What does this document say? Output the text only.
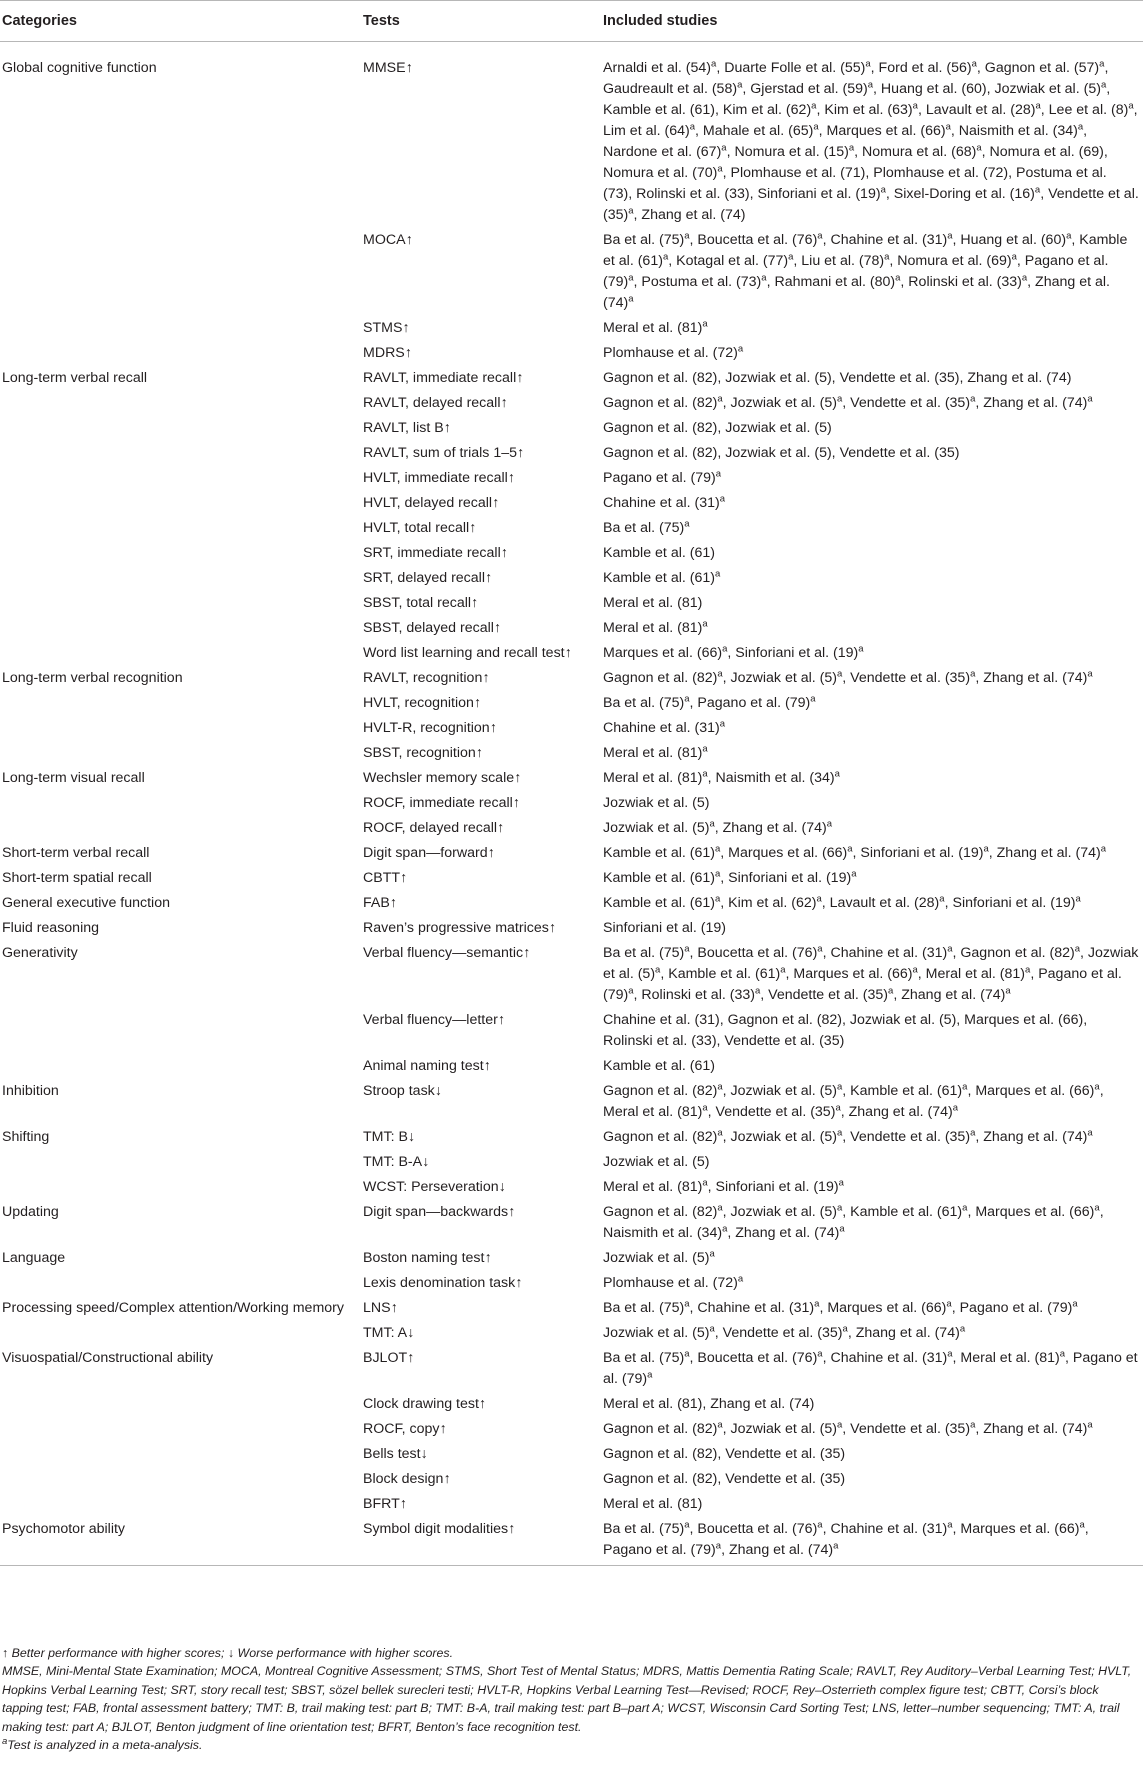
Categories	Tests	Included studies
Global cognitive function	MMSE↑	Arnaldi et al. $(54)^a$, Duarte Folle et al. $(55)^a$, Ford et al. $(56)^a$, Gagnon et al. $(57)^a$, Gaudreault et al. $(58)^a$, Gjerstad et al. $(59)^a$, Huang et al. (60), Jozwiak et al. $(5)^a$, Kamble et al. (61), Kim et al. $(62)^a$, Kim et al. $(63)^a$, Lavault et al. $(28)^a$, Lee et al. $(8)^a$, Lim et al. $(64)^a$, Mahale et al. $(65)^a$, Marques et al. $(66)^a$, Naismith et al. $(34)^a$, Nardone et al. $(67)^a$, Nomura et al. $(15)^a$, Nomura et al. $(68)^a$, Nomura et al. (69), Nomura et al. $(70)^a$, Plomhause et al. (71), Plomhause et al. (72), Postuma et al. (73), Rolinski et al. (33), Sinforiani et al. $(19)^a$, Sixel-Doring et al. $(16)^a$, Vendette et al. $(35)^a$, Zhang et al. (74)
	MOCA↑	Ba et al. $(75)^a$, Boucetta et al. $(76)^a$, Chahine et al. $(31)^a$, Huang et al. $(60)^a$, Kamble et al. $(61)^a$, Kotagal et al. $(77)^a$, Liu et al. $(78)^a$, Nomura et al. $(69)^a$, Pagano et al. $(79)^a$, Postuma et al. $(73)^a$, Rahmani et al. $(80)^a$, Rolinski et al. $(33)^a$, Zhang et al. $(74)^a$
	STMS↑	Meral et al. $(81)^a$
	MDRS↑	Plomhause et al. $(72)^a$
Long-term verbal recall	RAVLT, immediate recall↑	Gagnon et al. (82), Jozwiak et al. (5), Vendette et al. (35), Zhang et al. (74)
	RAVLT, delayed recall↑	Gagnon et al. $(82)^a$, Jozwiak et al. $(5)^a$, Vendette et al. $(35)^a$, Zhang et al. $(74)^a$
	RAVLT, list B↑	Gagnon et al. (82), Jozwiak et al. (5)
	RAVLT, sum of trials 1–5↑	Gagnon et al. (82), Jozwiak et al. (5), Vendette et al. (35)
	HVLT, immediate recall↑	Pagano et al. $(79)^a$
	HVLT, delayed recall↑	Chahine et al. $(31)^a$
	HVLT, total recall↑	Ba et al. $(75)^a$
	SRT, immediate recall↑	Kamble et al. (61)
	SRT, delayed recall↑	Kamble et al. $(61)^a$
	SBST, total recall↑	Meral et al. (81)
	SBST, delayed recall↑	Meral et al. $(81)^a$
	Word list learning and recall test↑	Marques et al. $(66)^a$, Sinforiani et al. $(19)^a$
Long-term verbal recognition	RAVLT, recognition↑	Gagnon et al. $(82)^a$, Jozwiak et al. $(5)^a$, Vendette et al. $(35)^a$, Zhang et al. $(74)^a$
	HVLT, recognition↑	Ba et al. $(75)^a$, Pagano et al. $(79)^a$
	HVLT-R, recognition↑	Chahine et al. $(31)^a$
	SBST, recognition↑	Meral et al. $(81)^a$
Long-term visual recall	Wechsler memory scale↑	Meral et al. $(81)^a$, Naismith et al. $(34)^a$
	ROCF, immediate recall↑	Jozwiak et al. (5)
	ROCF, delayed recall↑	Jozwiak et al. $(5)^a$, Zhang et al. $(74)^a$
Short-term verbal recall	Digit span—forward↑	Kamble et al. $(61)^a$, Marques et al. $(66)^a$, Sinforiani et al. $(19)^a$, Zhang et al. $(74)^a$
Short-term spatial recall	CBTT↑	Kamble et al. $(61)^a$, Sinforiani et al. $(19)^a$
General executive function	FAB↑	Kamble et al. $(61)^a$, Kim et al. $(62)^a$, Lavault et al. $(28)^a$, Sinforiani et al. $(19)^a$
Fluid reasoning	Raven’s progressive matrices↑	Sinforiani et al. (19)
Generativity	Verbal fluency—semantic↑	Ba et al. $(75)^a$, Boucetta et al. $(76)^a$, Chahine et al. $(31)^a$, Gagnon et al. $(82)^a$, Jozwiak et al. $(5)^a$, Kamble et al. $(61)^a$, Marques et al. $(66)^a$, Meral et al. $(81)^a$, Pagano et al. $(79)^a$, Rolinski et al. $(33)^a$, Vendette et al. $(35)^a$, Zhang et al. $(74)^a$
	Verbal fluency—letter↑	Chahine et al. (31), Gagnon et al. (82), Jozwiak et al. (5), Marques et al. (66), Rolinski et al. (33), Vendette et al. (35)
	Animal naming test↑	Kamble et al. (61)
Inhibition	Stroop task↓	Gagnon et al. $(82)^a$, Jozwiak et al. $(5)^a$, Kamble et al. $(61)^a$, Marques et al. $(66)^a$, Meral et al. $(81)^a$, Vendette et al. $(35)^a$, Zhang et al. $(74)^a$
Shifting	TMT: B↓	Gagnon et al. $(82)^a$, Jozwiak et al. $(5)^a$, Vendette et al. $(35)^a$, Zhang et al. $(74)^a$
	TMT: B-A↓	Jozwiak et al. (5)
	WCST: Perseveration↓	Meral et al. $(81)^a$, Sinforiani et al. $(19)^a$
Updating	Digit span—backwards↑	Gagnon et al. $(82)^a$, Jozwiak et al. $(5)^a$, Kamble et al. $(61)^a$, Marques et al. $(66)^a$, Naismith et al. $(34)^a$, Zhang et al. $(74)^a$
Language	Boston naming test↑	Jozwiak et al. $(5)^a$
	Lexis denomination task↑	Plomhause et al. $(72)^a$
Processing speed/Complex attention/Working memory	LNS↑	Ba et al. $(75)^a$, Chahine et al. $(31)^a$, Marques et al. $(66)^a$, Pagano et al. $(79)^a$
	TMT: A↓	Jozwiak et al. $(5)^a$, Vendette et al. $(35)^a$, Zhang et al. $(74)^a$
Visuospatial/Constructional ability	BJLOT↑	Ba et al. $(75)^a$, Boucetta et al. $(76)^a$, Chahine et al. $(31)^a$, Meral et al. $(81)^a$, Pagano et al. $(79)^a$
	Clock drawing test↑	Meral et al. (81), Zhang et al. (74)
	ROCF, copy↑	Gagnon et al. $(82)^a$, Jozwiak et al. $(5)^a$, Vendette et al. $(35)^a$, Zhang et al. $(74)^a$
	Bells test↓	Gagnon et al. (82), Vendette et al. (35)
	Block design↑	Gagnon et al. (82), Vendette et al. (35)
	BFRT↑	Meral et al. (81)
Psychomotor ability	Symbol digit modalities↑	Ba et al. $(75)^a$, Boucetta et al. $(76)^a$, Chahine et al. $(31)^a$, Marques et al. $(66)^a$, Pagano et al. $(79)^a$, Zhang et al. $(74)^a$

↑ Better performance with higher scores; ↓ Worse performance with higher scores.

MMSE, Mini-Mental State Examination; MOCA, Montreal Cognitive Assessment; STMS, Short Test of Mental Status; MDRS, Mattis Dementia Rating Scale; RAVLT, Rey Auditory–Verbal Learning Test; HVLT, Hopkins Verbal Learning Test; SRT, story recall test; SBST, sözel bellek surecleri testi; HVLT-R, Hopkins Verbal Learning Test—Revised; ROCF, Rey–Osterrieth complex figure test; CBTT, Corsi’s block tapping test; FAB, frontal assessment battery; TMT: B, trail making test: part B; TMT: B-A, trail making test: part B–part A; WCST, Wisconsin Card Sorting Test; LNS, letter–number sequencing; TMT: A, trail making test: part A; BJLOT, Benton judgment of line orientation test; BFRT, Benton’s face recognition test.

$^a$Test is analyzed in a meta-analysis.
